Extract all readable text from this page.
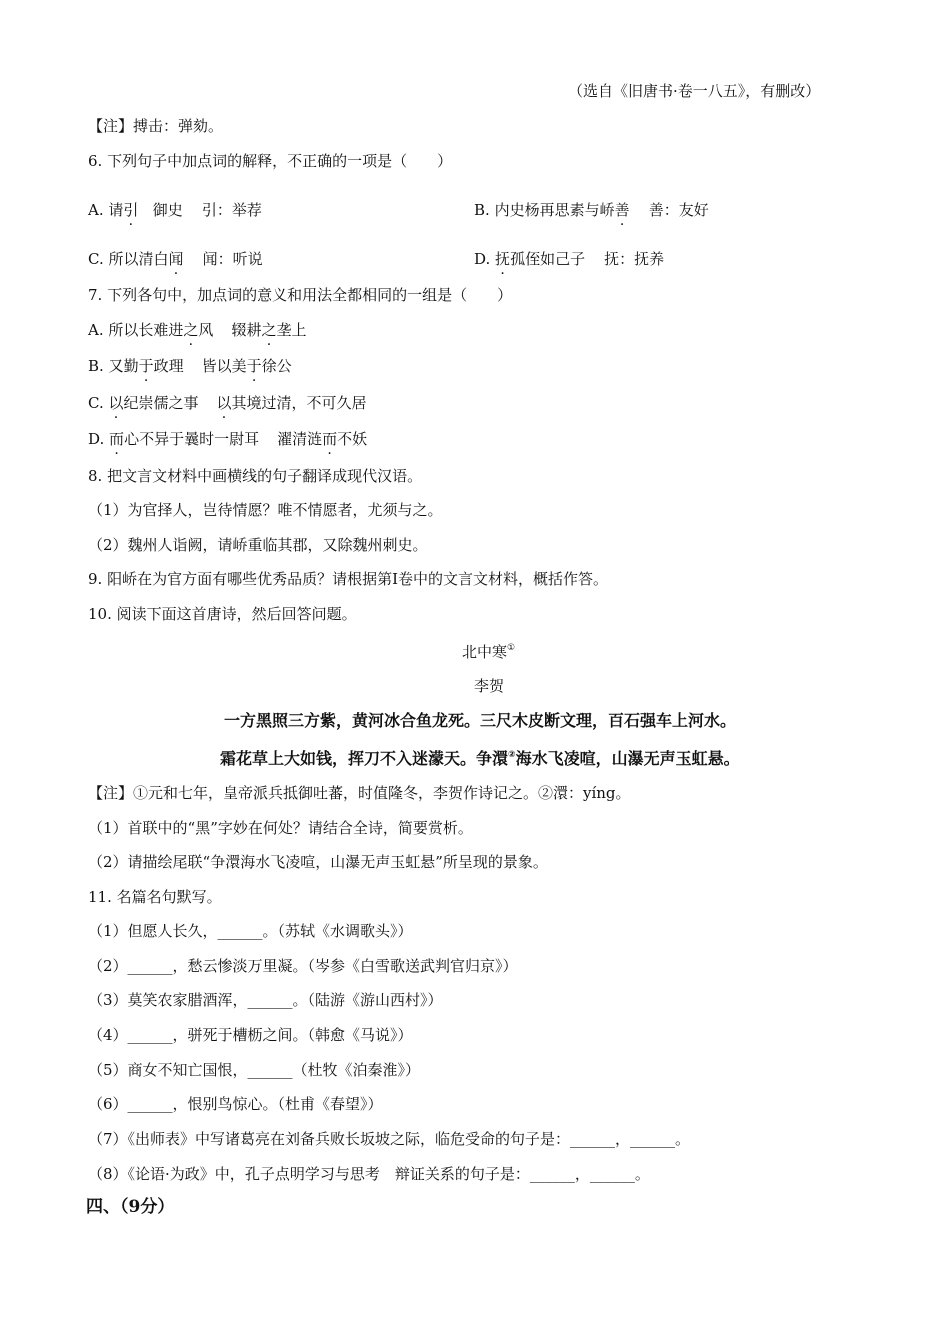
（选自《旧唐书·卷一八五》，有删改）
【注】搏击：弹劾。
6. 下列句子中加点词的解释，不正确的一项是（　　）
A. 请引 御史 引：举荐	B. 内史杨再思素与峤善 善：友好
C. 所以清白闻 闻：听说	D. 抚孤侄如己子 抚：抚养
7. 下列各句中，加点词的意义和用法全都相同的一组是（　　）
A. 所以长难进之风 辍耕之垄上
B. 又勤于政理 皆以美于徐公
C. 以纪崇儒之事 以其境过清，不可久居
D. 而心不异于曩时一尉耳 濯清涟而不妖
8. 把文言文材料中画横线的句子翻译成现代汉语。
（1）为官择人，岂待情愿？唯不情愿者，尤须与之。
（2）魏州人诣阙，请峤重临其郡，又除魏州刺史。
9. 阳峤在为官方面有哪些优秀品质？请根据第Ⅰ卷中的文言文材料，概括作答。
10. 阅读下面这首唐诗，然后回答问题。
北中寒①
李贺
一方黑照三方紫，黄河冰合鱼龙死。三尺木皮断文理，百石强车上河水。
霜花草上大如钱，挥刀不入迷濛天。争澴②海水飞凌喧，山瀑无声玉虹悬。
【注】①元和七年，皇帝派兵抵御吐蕃，时值隆冬，李贺作诗记之。②澴：yíng。
（1）首联中的“黑”字妙在何处？请结合全诗，简要赏析。
（2）请描绘尾联“争澴海水飞凌喧，山瀑无声玉虹悬”所呈现的景象。
11. 名篇名句默写。
（1）但愿人长久，______。（苏轼《水调歌头》）
（2）______，愁云惨淡万里凝。（岑参《白雪歌送武判官归京》）
（3）莫笑农家腊酒浑，______。（陆游《游山西村》）
（4）______，骈死于槽枥之间。（韩愈《马说》）
（5）商女不知亡国恨，______（杜牧《泊秦淮》）
（6）______，恨别鸟惊心。（杜甫《春望》）
（7）《出师表》中写诸葛亮在刘备兵败长坂坡之际，临危受命的句子是：______，______。
（8）《论语·为政》中，孔子点明学习与思考　辩证关系的句子是：______，______。
四、（9分）
